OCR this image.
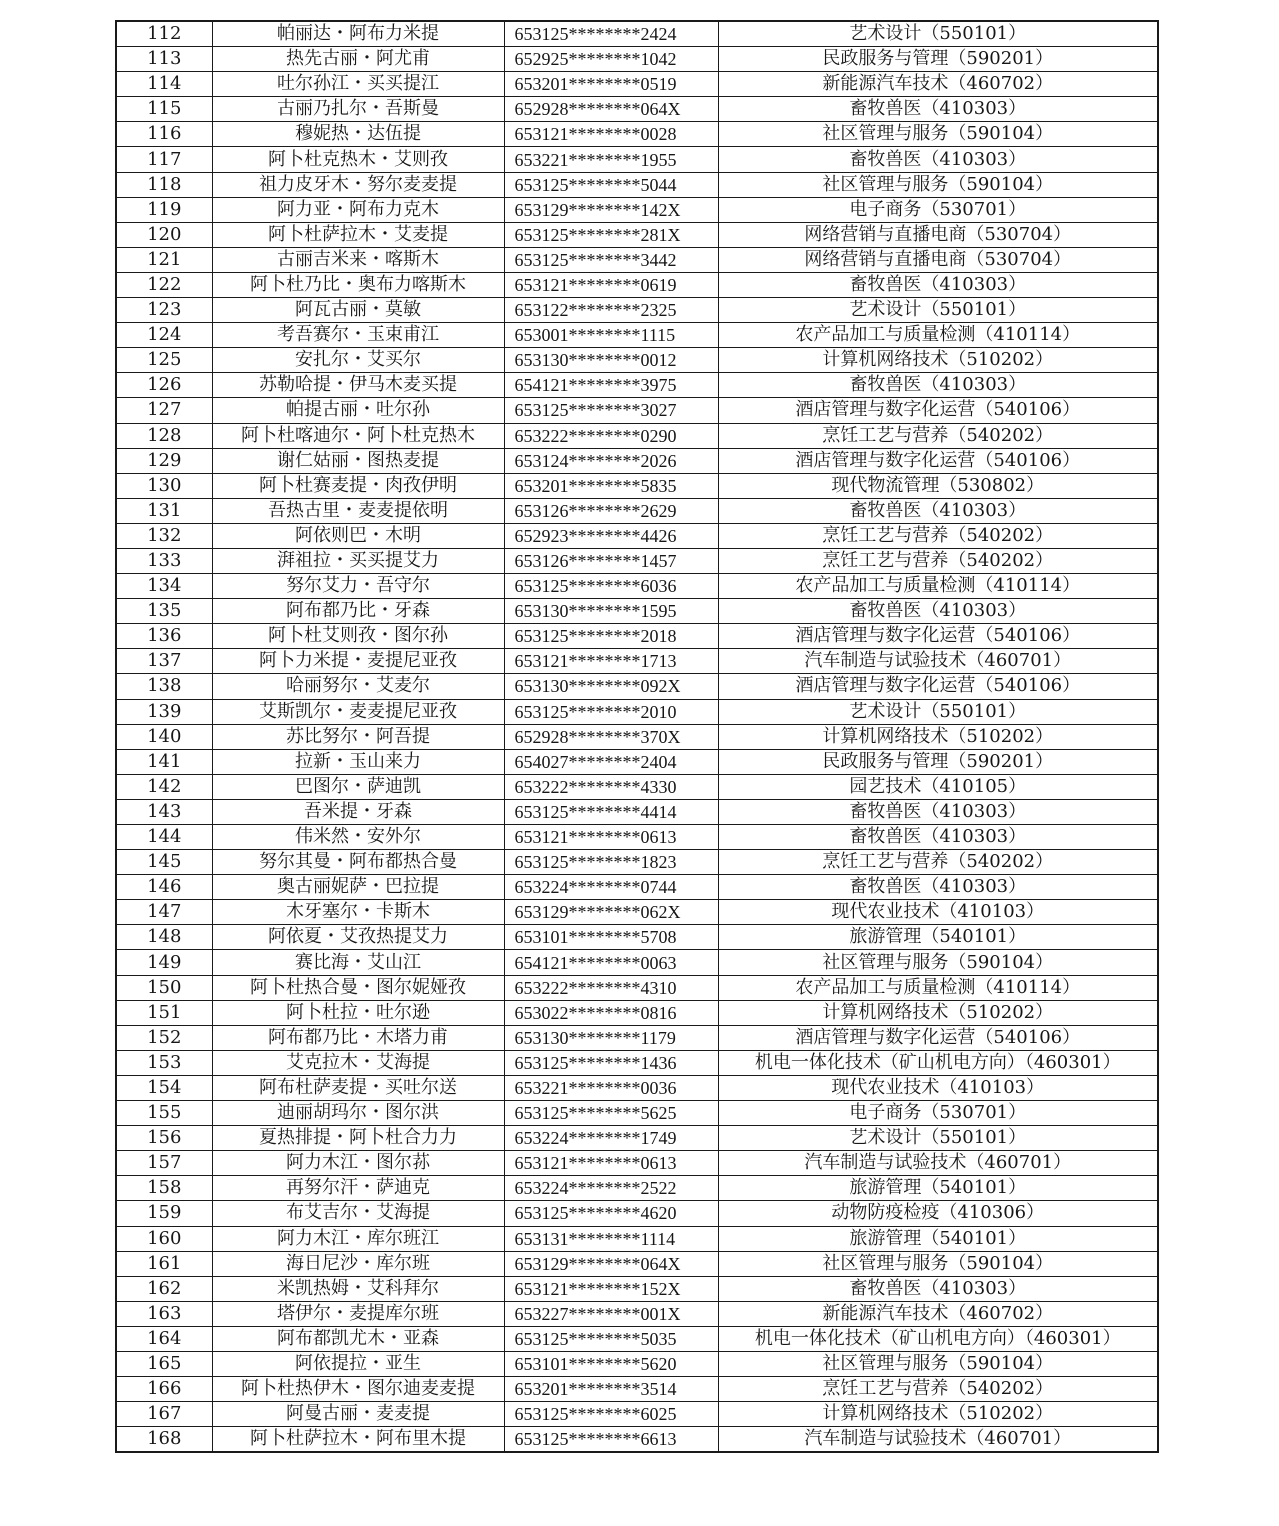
112	帕丽达・阿布力米提	653125********2424	艺术设计（550101）
113	热先古丽・阿尤甫	652925********1042	民政服务与管理（590201）
114	吐尔孙江・买买提江	653201********0519	新能源汽车技术（460702）
115	古丽乃扎尔・吾斯曼	652928********064X	畜牧兽医（410303）
116	穆妮热・达伍提	653121********0028	社区管理与服务（590104）
117	阿卜杜克热木・艾则孜	653221********1955	畜牧兽医（410303）
118	祖力皮牙木・努尔麦麦提	653125********5044	社区管理与服务（590104）
119	阿力亚・阿布力克木	653129********142X	电子商务（530701）
120	阿卜杜萨拉木・艾麦提	653125********281X	网络营销与直播电商（530704）
121	古丽吉米来・喀斯木	653125********3442	网络营销与直播电商（530704）
122	阿卜杜乃比・奥布力喀斯木	653121********0619	畜牧兽医（410303）
123	阿瓦古丽・莫敏	653122********2325	艺术设计（550101）
124	考吾赛尔・玉束甫江	653001********1115	农产品加工与质量检测（410114）
125	安扎尔・艾买尔	653130********0012	计算机网络技术（510202）
126	苏勒哈提・伊马木麦买提	654121********3975	畜牧兽医（410303）
127	帕提古丽・吐尔孙	653125********3027	酒店管理与数字化运营（540106）
128	阿卜杜喀迪尔・阿卜杜克热木	653222********0290	烹饪工艺与营养（540202）
129	谢仁姑丽・图热麦提	653124********2026	酒店管理与数字化运营（540106）
130	阿卜杜赛麦提・肉孜伊明	653201********5835	现代物流管理（530802）
131	吾热古里・麦麦提依明	653126********2629	畜牧兽医（410303）
132	阿依则巴・木明	652923********4426	烹饪工艺与营养（540202）
133	湃祖拉・买买提艾力	653126********1457	烹饪工艺与营养（540202）
134	努尔艾力・吾守尔	653125********6036	农产品加工与质量检测（410114）
135	阿布都乃比・牙森	653130********1595	畜牧兽医（410303）
136	阿卜杜艾则孜・图尔孙	653125********2018	酒店管理与数字化运营（540106）
137	阿卜力米提・麦提尼亚孜	653121********1713	汽车制造与试验技术（460701）
138	哈丽努尔・艾麦尔	653130********092X	酒店管理与数字化运营（540106）
139	艾斯凯尔・麦麦提尼亚孜	653125********2010	艺术设计（550101）
140	苏比努尔・阿吾提	652928********370X	计算机网络技术（510202）
141	拉新・玉山来力	654027********2404	民政服务与管理（590201）
142	巴图尔・萨迪凯	653222********4330	园艺技术（410105）
143	吾米提・牙森	653125********4414	畜牧兽医（410303）
144	伟米然・安外尔	653121********0613	畜牧兽医（410303）
145	努尔其曼・阿布都热合曼	653125********1823	烹饪工艺与营养（540202）
146	奥古丽妮萨・巴拉提	653224********0744	畜牧兽医（410303）
147	木牙塞尔・卡斯木	653129********062X	现代农业技术（410103）
148	阿依夏・艾孜热提艾力	653101********5708	旅游管理（540101）
149	赛比海・艾山江	654121********0063	社区管理与服务（590104）
150	阿卜杜热合曼・图尔妮娅孜	653222********4310	农产品加工与质量检测（410114）
151	阿卜杜拉・吐尔逊	653022********0816	计算机网络技术（510202）
152	阿布都乃比・木塔力甫	653130********1179	酒店管理与数字化运营（540106）
153	艾克拉木・艾海提	653125********1436	机电一体化技术（矿山机电方向）（460301）
154	阿布杜萨麦提・买吐尔送	653221********0036	现代农业技术（410103）
155	迪丽胡玛尔・图尔洪	653125********5625	电子商务（530701）
156	夏热排提・阿卜杜合力力	653224********1749	艺术设计（550101）
157	阿力木江・图尔荪	653121********0613	汽车制造与试验技术（460701）
158	再努尔汗・萨迪克	653224********2522	旅游管理（540101）
159	布艾吉尔・艾海提	653125********4620	动物防疫检疫（410306）
160	阿力木江・库尔班江	653131********1114	旅游管理（540101）
161	海日尼沙・库尔班	653129********064X	社区管理与服务（590104）
162	米凯热姆・艾科拜尔	653121********152X	畜牧兽医（410303）
163	塔伊尔・麦提库尔班	653227********001X	新能源汽车技术（460702）
164	阿布都凯尤木・亚森	653125********5035	机电一体化技术（矿山机电方向）（460301）
165	阿依提拉・亚生	653101********5620	社区管理与服务（590104）
166	阿卜杜热伊木・图尔迪麦麦提	653201********3514	烹饪工艺与营养（540202）
167	阿曼古丽・麦麦提	653125********6025	计算机网络技术（510202）
168	阿卜杜萨拉木・阿布里木提	653125********6613	汽车制造与试验技术（460701）
